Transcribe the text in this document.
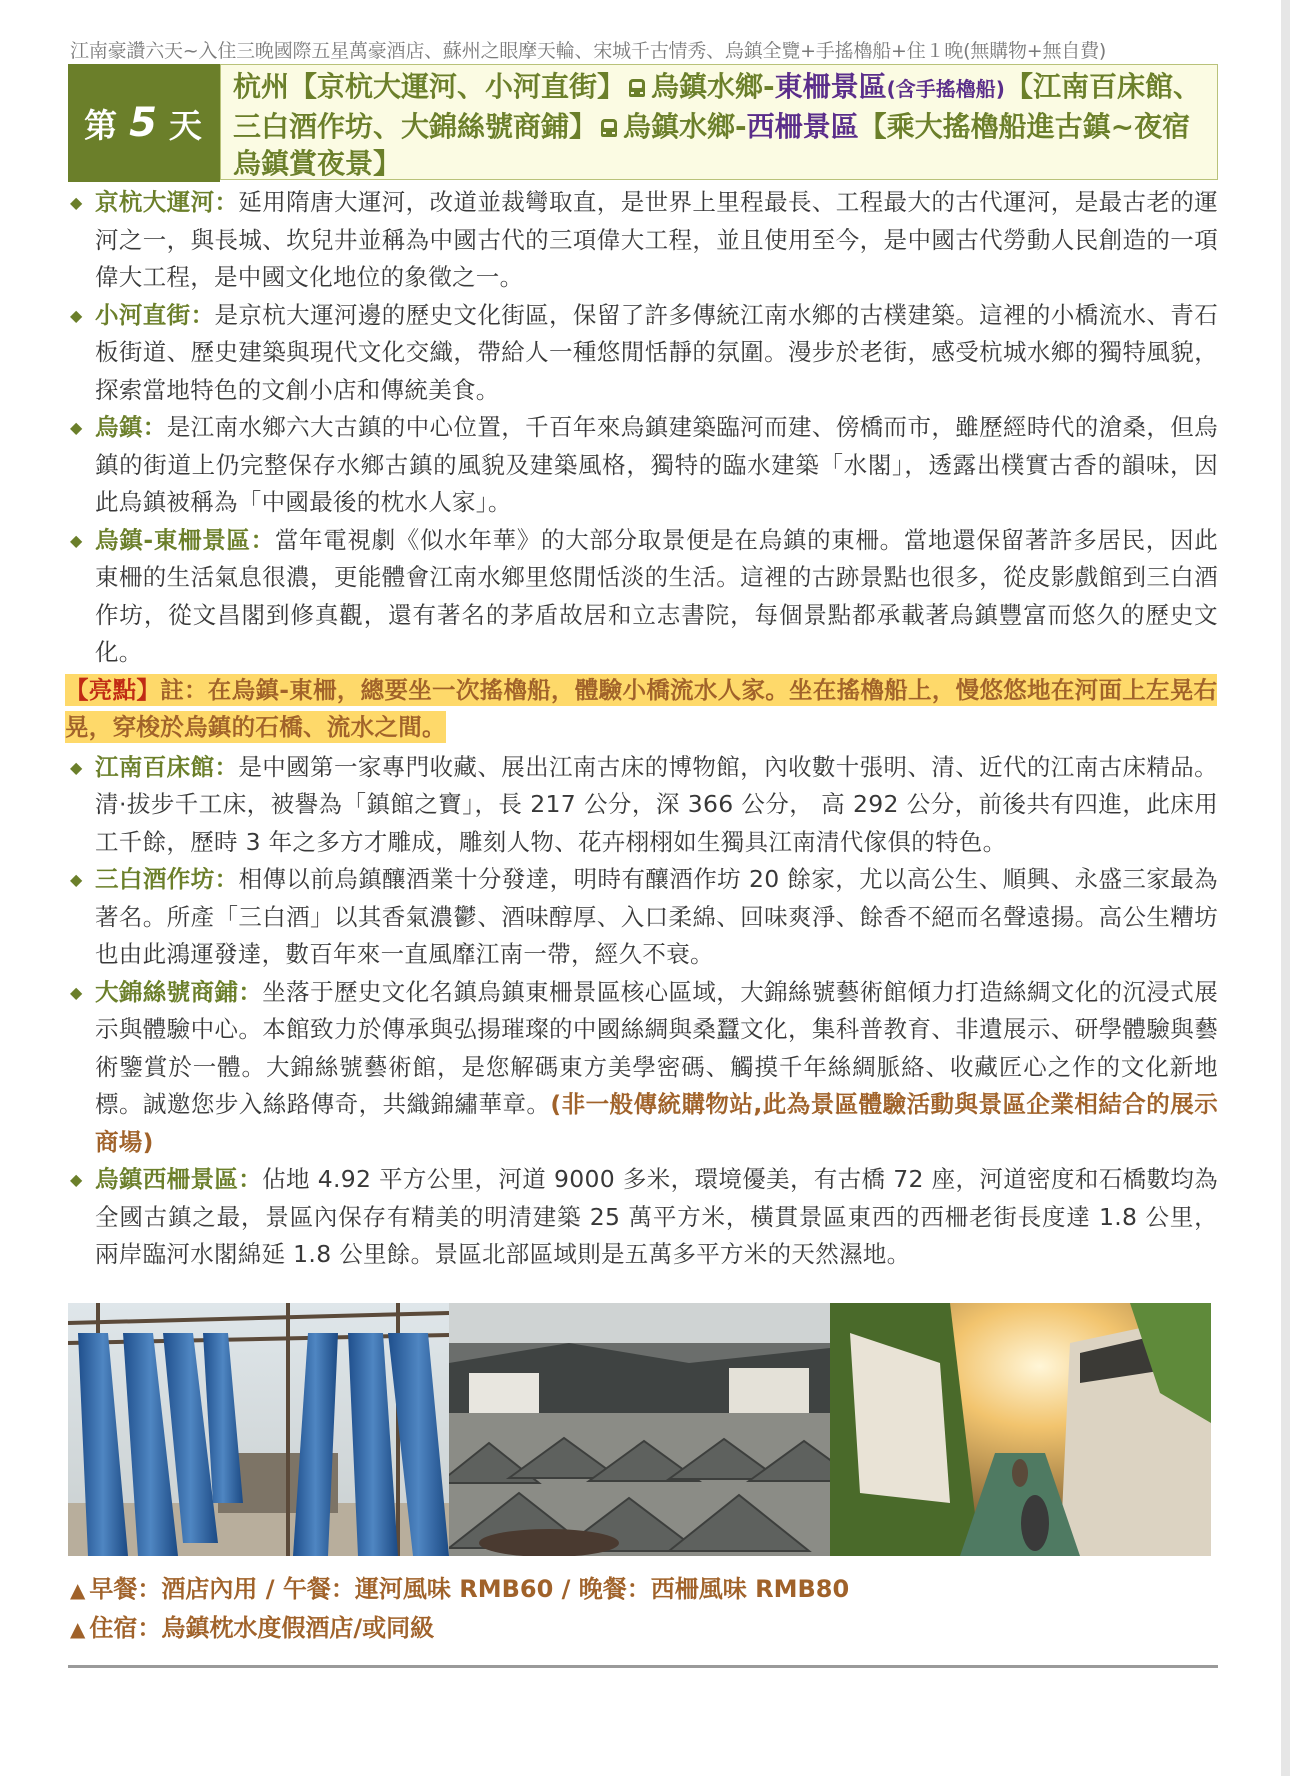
江南豪讚六天~入住三晚國際五星萬豪酒店、蘇州之眼摩天輪、宋城千古情秀、烏鎮全覽+手搖櫓船+住１晚(無購物+無自費)
第 5 天
杭州【京杭大運河、小河直街】 烏鎮水鄉-東柵景區(含手搖櫓船)【江南百床館、三白酒作坊、大錦絲號商鋪】 烏鎮水鄉-西柵景區【乘大搖櫓船進古鎮~夜宿烏鎮賞夜景】
◆ 京杭大運河：延用隋唐大運河，改道並裁彎取直，是世界上里程最長、工程最大的古代運河，是最古老的運河之一，與長城、坎兒井並稱為中國古代的三項偉大工程，並且使用至今，是中國古代勞動人民創造的一項偉大工程，是中國文化地位的象徵之一。
◆ 小河直街：是京杭大運河邊的歷史文化街區，保留了許多傳統江南水鄉的古樸建築。這裡的小橋流水、青石板街道、歷史建築與現代文化交織，帶給人一種悠閒恬靜的氛圍。漫步於老街，感受杭城水鄉的獨特風貌，探索當地特色的文創小店和傳統美食。
◆ 烏鎮：是江南水鄉六大古鎮的中心位置，千百年來烏鎮建築臨河而建、傍橋而市，雖歷經時代的滄桑，但烏鎮的街道上仍完整保存水鄉古鎮的風貌及建築風格，獨特的臨水建築「水閣」，透露出樸實古香的韻味，因此烏鎮被稱為「中國最後的枕水人家」。
◆ 烏鎮-東柵景區：當年電視劇《似水年華》的大部分取景便是在烏鎮的東柵。當地還保留著許多居民，因此東柵的生活氣息很濃，更能體會江南水鄉里悠閒恬淡的生活。這裡的古跡景點也很多，從皮影戲館到三白酒作坊，從文昌閣到修真觀，還有著名的茅盾故居和立志書院，每個景點都承載著烏鎮豐富而悠久的歷史文化。
【亮點】註：在烏鎮-東柵，總要坐一次搖櫓船，體驗小橋流水人家。坐在搖櫓船上，慢悠悠地在河面上左晃右晃，穿梭於烏鎮的石橋、流水之間。
◆ 江南百床館：是中國第一家專門收藏、展出江南古床的博物館，內收數十張明、清、近代的江南古床精品。清·拔步千工床，被譽為「鎮館之寶」，長 217 公分，深 366 公分， 高 292 公分，前後共有四進，此床用工千餘，歷時 3 年之多方才雕成，雕刻人物、花卉栩栩如生獨具江南清代傢俱的特色。
◆ 三白酒作坊：相傳以前烏鎮釀酒業十分發達，明時有釀酒作坊 20 餘家，尤以高公生、順興、永盛三家最為著名。所產「三白酒」以其香氣濃鬱、酒味醇厚、入口柔綿、回味爽淨、餘香不絕而名聲遠揚。高公生糟坊也由此鴻運發達，數百年來一直風靡江南一帶，經久不衰。
◆ 大錦絲號商鋪：坐落于歷史文化名鎮烏鎮東柵景區核心區域，大錦絲號藝術館傾力打造絲綢文化的沉浸式展示與體驗中心。本館致力於傳承與弘揚璀璨的中國絲綢與桑蠶文化，集科普教育、非遺展示、研學體驗與藝術鑒賞於一體。大錦絲號藝術館，是您解碼東方美學密碼、觸摸千年絲綢脈絡、收藏匠心之作的文化新地標。誠邀您步入絲路傳奇，共織錦繡華章。(非一般傳統購物站,此為景區體驗活動與景區企業相結合的展示商場)
◆ 烏鎮西柵景區：佔地 4.92 平方公里，河道 9000 多米，環境優美，有古橋 72 座，河道密度和石橋數均為全國古鎮之最，景區內保存有精美的明清建築 25 萬平方米，橫貫景區東西的西柵老街長度達 1.8 公里，兩岸臨河水閣綿延 1.8 公里餘。景區北部區域則是五萬多平方米的天然濕地。
▲ 早餐：酒店內用 / 午餐：運河風味 RMB60 / 晚餐：西柵風味 RMB80
▲ 住宿：烏鎮枕水度假酒店/或同級
